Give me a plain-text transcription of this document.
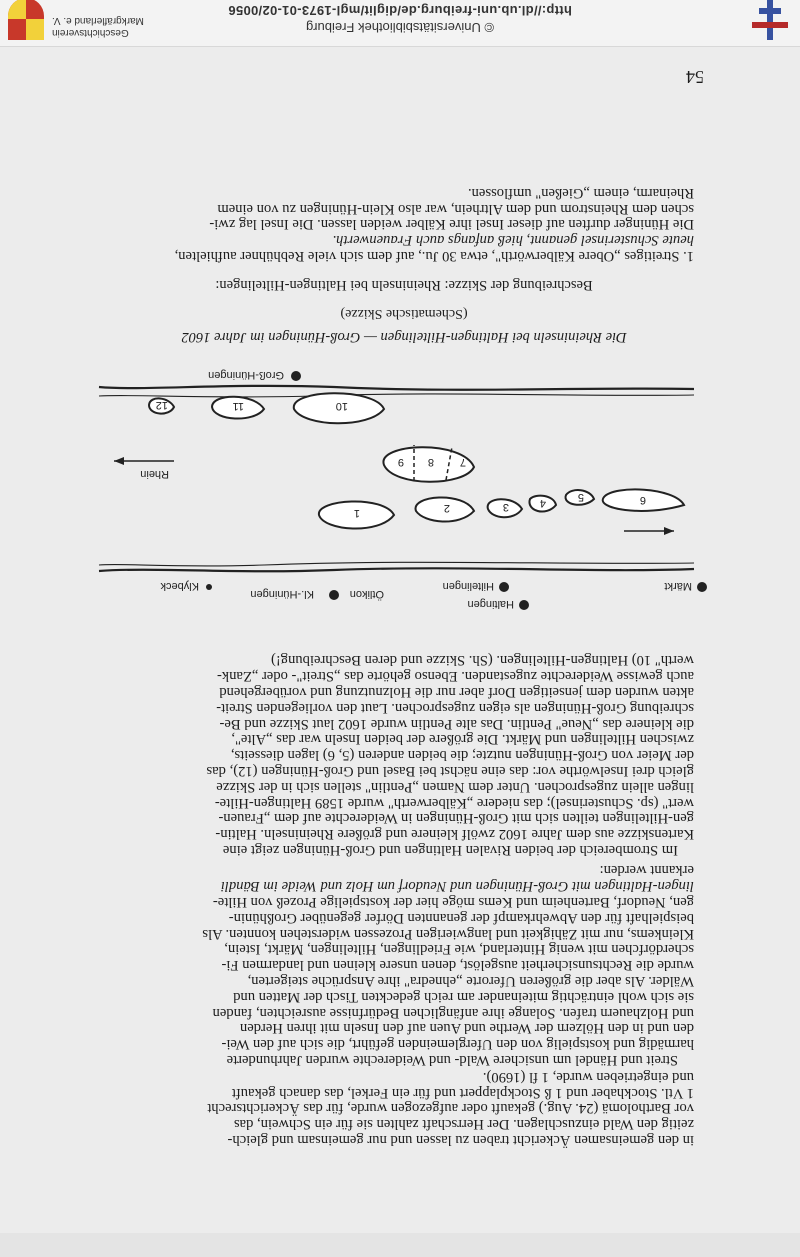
in den gemeinsamen Äckericht traben zu lassen und nur gemeinsam und gleich-
zeitig den Wald einzuschlagen. Der Herrschaft zahlten sie für ein Schwein, das
vor Bartholomä (24. Aug.) gekauft oder aufgezogen wurde, für das Äckerichtsrecht
1 Vtl. Stockhaber und 1 ß Stockplappert und für ein Ferkel, das danach gekauft
und eingetrieben wurde, 1 fl (1690).
Streit und Händel um unsichere Wald- und Weiderechte wurden Jahrhunderte
harmädig und kostspielig von den Uferglemeinden geführt, die sich auf den Wei-
den und in den Hölzern der Werthe und Auen auf den Inseln mit ihren Herden
und Holzhauern trafen. Solange ihre anfänglichen Bedürfnisse ausreichten, fanden
sie sich wohl einträchtig miteinander am reich gedeckten Tisch der Matten und
Wälder. Als aber die größeren Uferorte „ehnedra" ihre Ansprüche steigerten,
wurde die Rechtsunsicherheit ausgelöst, denen unsere kleinen und landarmen Fi-
scherdörfchen mit wenig Hinterland, wie Friedlingen, Hiltelingen, Märkt, Istein,
Kleinkems, nur mit Zähigkeit und langwierigen Prozessen widerstehen konnten. Als
beispielhaft für den Abwehrkampf der genannten Dörfer gegenüber Großhünin-
gen, Neudorf, Bartenheim und Kems möge hier der kostspielige Prozeß von Hilte-
lingen-Haltingen mit Groß-Hüningen und Neudorf um Holz und Weide im Bändli
erkannt werden:
Im Strombereich der beiden Rivalen Haltingen und Groß-Hüningen zeigt eine
Kartenskizze aus dem Jahre 1602 zwölf kleinere und größere Rheininseln. Haltin-
gen-Hiltelingen teilten sich mit Groß-Hüningen in Weiderechte auf dem „Frauen-
wert" (sp. Schusterinsel); das niedere „Kälberwerth" wurde 1589 Haltingen-Hilte-
lingen allein zugesprochen. Unter dem Namen „Pentlin" stellen sich in der Skizze
gleich drei Inselwörthe vor: das eine nächst bei Basel und Groß-Hüningen (12), das
der Meier von Groß-Hüningen nutzte; die beiden anderen (5, 6) lagen diesseits,
zwischen Hiltelingen und Märkt. Die größere der beiden Inseln war das „Alte",
die kleinere das „Neue" Pentlin. Das alte Pentlin wurde 1602 laut Skizze und Be-
schreibung Groß-Hüningen als eigen zugesprochen. Laut den vorliegenden Streit-
akten wurden dem jenseitigen Dorf aber nur die Holznutzung und vorübergehend
auch gewisse Weiderechte zugestanden. Ebenso gehörte das „Streit"- oder „Zank-
werth" 10) Haltingen-Hiltelingen. (Sh. Skizze und deren Beschreibung!)
6
5
4
3
2
1
7
8
9
10
11
12
Rhein
Groß-Hüningen
Haltingen
Hiltelingen	Märkt
Ötlikon
Kl.-Hüningen
Klybeck
Die Rheininseln bei Haltingen-Hiltelingen — Groß-Hüningen im Jahre 1602
(Schematische Skizze)
Beschreibung der Skizze: Rheininseln bei Haltingen-Hiltelingen:
1. Streitiges „Obere Kälberwörth", etwa 30 Ju., auf dem sich viele Rebhühner aufhielten,
heute Schusterinsel genannt, hieß anfangs auch Frauenwerth.
Die Hüninger durften auf dieser Insel ihre Kälber weiden lassen. Die Insel lag zwi-
schen dem Rheinstrom und dem Altrhein, war also Klein-Hüningen zu von einem
Rheinarm, einem „Gießen" umflossen.
54
© Universitätsbibliothek Freiburg
http://dl.ub.uni-freiburg.de/diglit/mgl-1973-01-02/0056
Geschichtsverein
Markgräflerland e. V.
